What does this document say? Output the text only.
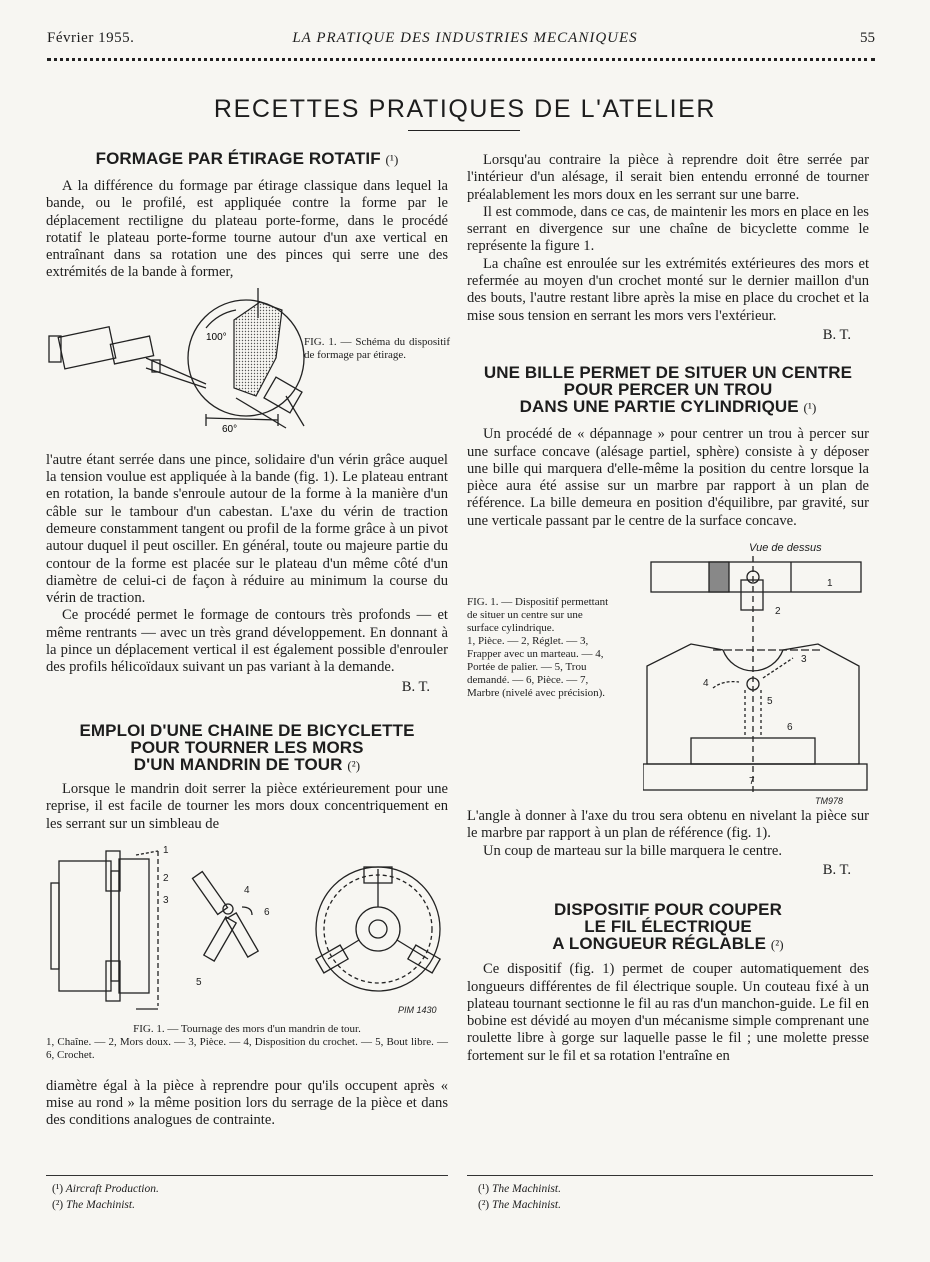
Février 1955.	LA PRATIQUE DES INDUSTRIES MECANIQUES	55
RECETTES PRATIQUES DE L'ATELIER
FORMAGE PAR ÉTIRAGE ROTATIF (¹)

A la différence du formage par étirage classique dans lequel la bande, ou le profilé, est appliquée contre la forme par le déplacement rectiligne du plateau porte-forme, dans le procédé rotatif le plateau porte-forme tourne autour d'un axe vertical en entraînant dans sa rotation une des pinces qui serre une des extrémités de la bande à former,

100°
60°
FIG. 1. — Schéma du dispositif de formage par étirage.

l'autre étant serrée dans une pince, solidaire d'un vérin grâce auquel la tension voulue est appliquée à la bande (fig. 1). Le plateau entrant en rotation, la bande s'enroule autour de la forme à la manière d'un câble sur le tambour d'un cabestan. L'axe du vérin de traction demeure constamment tangent ou profil de la forme grâce à un pivot autour duquel il peut osciller. En général, toute ou majeure partie du contour de la forme est placée sur le plateau d'un même côté d'un diamètre de celui-ci de façon à réduire au minimum la course du vérin de traction.

Ce procédé permet le formage de contours très profonds — et même rentrants — avec un très grand développement. En donnant à la pince un déplacement vertical il est également possible d'enrouler des profils hélicoïdaux suivant un pas variant à la demande.

B. T.
EMPLOI D'UNE CHAINE DE BICYCLETTE
POUR TOURNER LES MORS
D'UN MANDRIN DE TOUR (²)

Lorsque le mandrin doit serrer la pièce extérieurement pour une reprise, il est facile de tourner les mors doux concentriquement en les serrant sur un simbleau de

1
2
3
4
5
6
PIM 1430
FIG. 1. — Tournage des mors d'un mandrin de tour.
1, Chaîne. — 2, Mors doux. — 3, Pièce. — 4, Disposition du crochet. — 5, Bout libre. — 6, Crochet.

diamètre égal à la pièce à reprendre pour qu'ils occupent après « mise au rond » la même position lors du serrage de la pièce et dans des conditions analogues de contrainte.

Lorsqu'au contraire la pièce à reprendre doit être serrée par l'intérieur d'un alésage, il serait bien entendu erronné de tourner préalablement les mors doux en les serrant sur une barre.

Il est commode, dans ce cas, de maintenir les mors en place en les serrant en divergence sur une chaîne de bicyclette comme le représente la figure 1.

La chaîne est enroulée sur les extrémités extérieures des mors et refermée au moyen d'un crochet monté sur le dernier maillon d'un des bouts, l'autre restant libre après la mise en place du crochet et la mise sous tension en serrant les mors vers l'extérieur.

B. T.
UNE BILLE PERMET DE SITUER UN CENTRE
POUR PERCER UN TROU
DANS UNE PARTIE CYLINDRIQUE (¹)

Un procédé de « dépannage » pour centrer un trou à percer sur une surface concave (alésage partiel, sphère) consiste à y déposer une bille qui marquera d'elle-même la position du centre lorsque la pièce aura été assise sur un marbre par rapport à un plan de référence. La bille demeura en position d'équilibre, par gravité, sur une verticale passant par le centre de la surface concave.

Vue de dessus
FIG. 1. — Dispositif permettant de situer un centre sur une surface cylindrique.
1, Pièce. — 2, Réglet. — 3, Frapper avec un marteau. — 4, Portée de palier. — 5, Trou demandé. — 6, Pièce. — 7, Marbre (nivelé avec précision).
1
2
3
4
5
6
7
TM978

L'angle à donner à l'axe du trou sera obtenu en nivelant la pièce sur le marbre par rapport à un plan de référence (fig. 1).

Un coup de marteau sur la bille marquera le centre.

B. T.
DISPOSITIF POUR COUPER
LE FIL ÉLECTRIQUE
A LONGUEUR RÉGLABLE (²)

Ce dispositif (fig. 1) permet de couper automatiquement des longueurs différentes de fil électrique souple. Un couteau fixé à un plateau tournant sectionne le fil au ras d'un manchon-guide. Le fil en bobine est dévidé au moyen d'un mécanisme simple comprenant une roulette libre à gorge sur laquelle passe le fil ; une molette presse fortement sur le fil et sa rotation l'entraîne en

(¹) Aircraft Production.
(²) The Machinist.
(¹) The Machinist.
(²) The Machinist.
